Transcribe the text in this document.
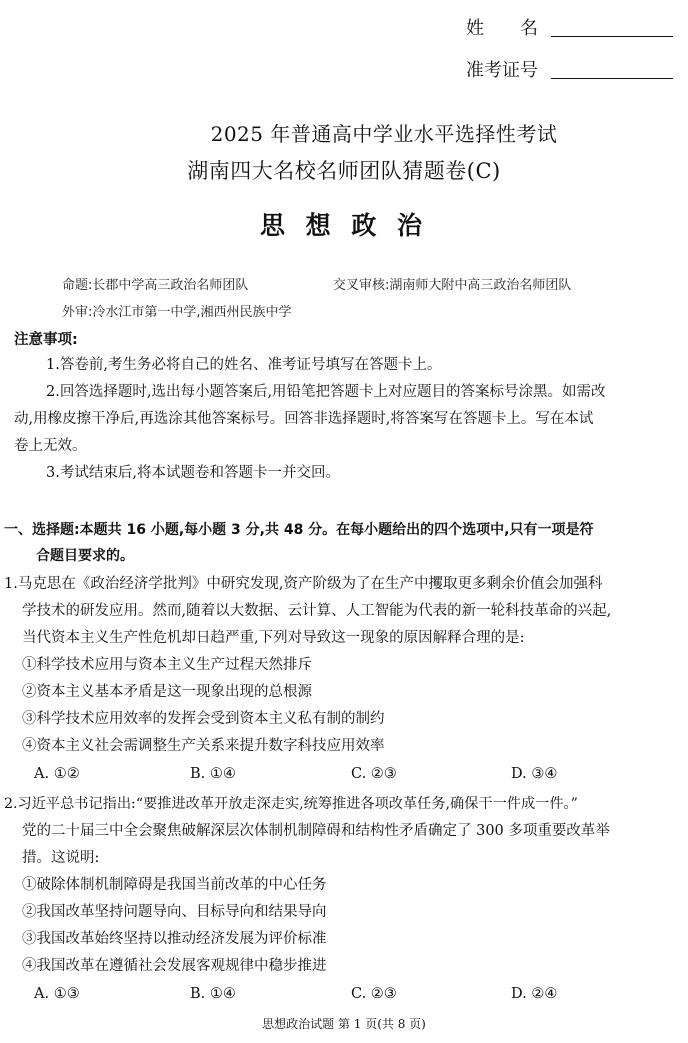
姓　　名
准考证号
2025 年普通高中学业水平选择性考试
湖南四大名校名师团队猜题卷(C)
思 想 政 治
命题:长郡中学高三政治名师团队	交叉审核:湖南师大附中高三政治名师团队
外审:冷水江市第一中学,湘西州民族中学
注意事项:
1.答卷前,考生务必将自己的姓名、准考证号填写在答题卡上。
2.回答选择题时,选出每小题答案后,用铅笔把答题卡上对应题目的答案标号涂黑。如需改
动,用橡皮擦干净后,再选涂其他答案标号。回答非选择题时,将答案写在答题卡上。写在本试
卷上无效。
3.考试结束后,将本试题卷和答题卡一并交回。
一、选择题:本题共 16 小题,每小题 3 分,共 48 分。在每小题给出的四个选项中,只有一项是符
合题目要求的。
1.马克思在《政治经济学批判》中研究发现,资产阶级为了在生产中攫取更多剩余价值会加强科
学技术的研发应用。然而,随着以大数据、云计算、人工智能为代表的新一轮科技革命的兴起,
当代资本主义生产性危机却日趋严重,下列对导致这一现象的原因解释合理的是:
①科学技术应用与资本主义生产过程天然排斥
②资本主义基本矛盾是这一现象出现的总根源
③科学技术应用效率的发挥会受到资本主义私有制的制约
④资本主义社会需调整生产关系来提升数字科技应用效率
A. ①②	B. ①④	C. ②③	D. ③④
2.习近平总书记指出:“要推进改革开放走深走实,统筹推进各项改革任务,确保干一件成一件。”
党的二十届三中全会聚焦破解深层次体制机制障碍和结构性矛盾确定了 300 多项重要改革举
措。这说明:
①破除体制机制障碍是我国当前改革的中心任务
②我国改革坚持问题导向、目标导向和结果导向
③我国改革始终坚持以推动经济发展为评价标准
④我国改革在遵循社会发展客观规律中稳步推进
A. ①③	B. ①④	C. ②③	D. ②④
思想政治试题 第 1 页(共 8 页)
